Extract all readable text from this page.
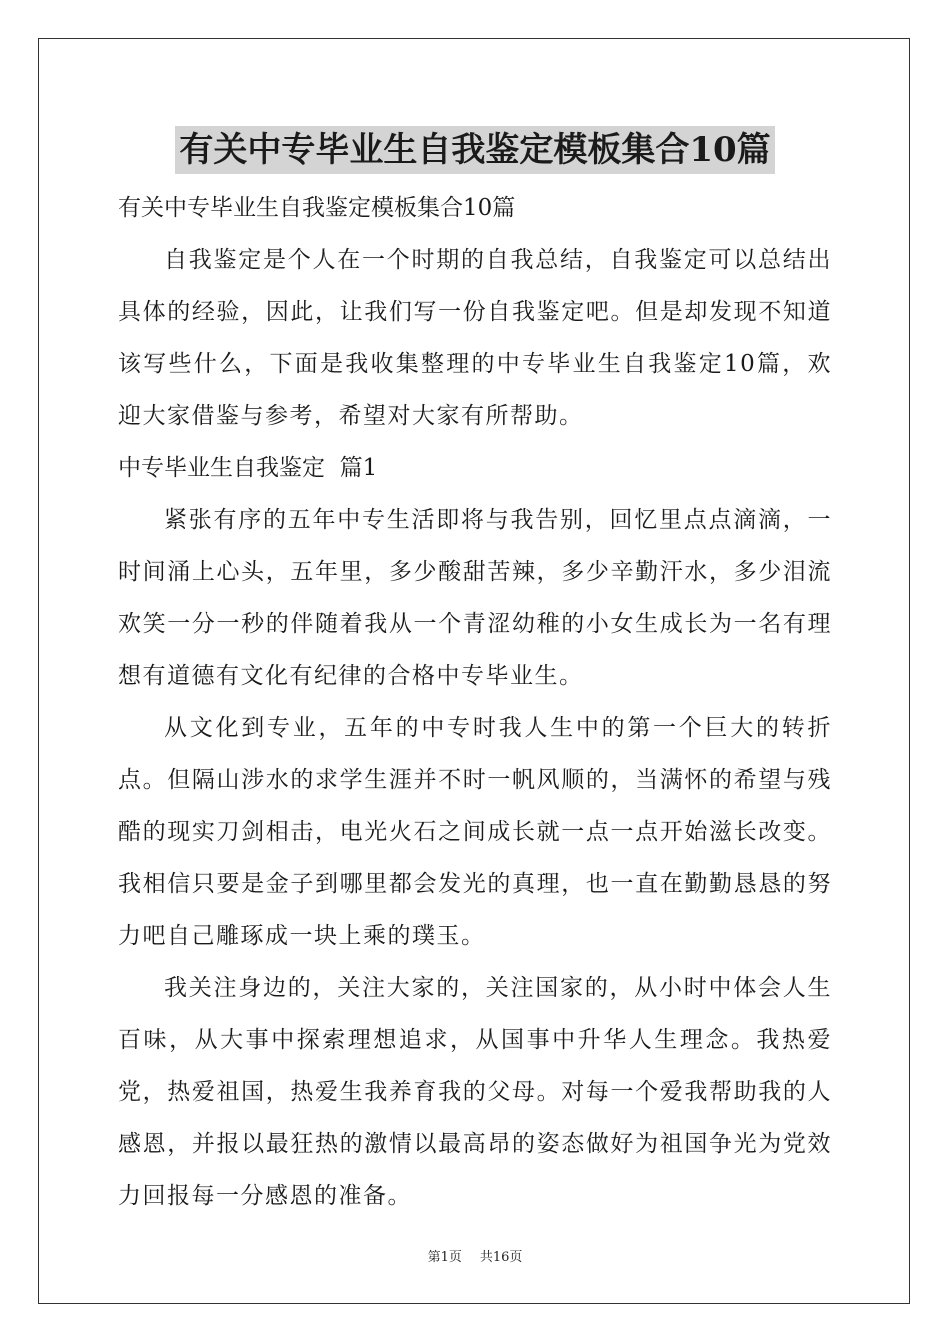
有关中专毕业生自我鉴定模板集合10篇

有关中专毕业生自我鉴定模板集合10篇

自我鉴定是个人在一个时期的自我总结，自我鉴定可以总结出具体的经验，因此，让我们写一份自我鉴定吧。但是却发现不知道该写些什么，下面是我收集整理的中专毕业生自我鉴定10篇，欢迎大家借鉴与参考，希望对大家有所帮助。

中专毕业生自我鉴定  篇1

紧张有序的五年中专生活即将与我告别，回忆里点点滴滴，一时间涌上心头，五年里，多少酸甜苦辣，多少辛勤汗水，多少泪流欢笑一分一秒的伴随着我从一个青涩幼稚的小女生成长为一名有理想有道德有文化有纪律的合格中专毕业生。

从文化到专业，五年的中专时我人生中的第一个巨大的转折点。但隔山涉水的求学生涯并不时一帆风顺的，当满怀的希望与残酷的现实刀剑相击，电光火石之间成长就一点一点开始滋长改变。我相信只要是金子到哪里都会发光的真理，也一直在勤勤恳恳的努力吧自己雕琢成一块上乘的璞玉。

我关注身边的，关注大家的，关注国家的，从小时中体会人生百味，从大事中探索理想追求，从国事中升华人生理念。我热爱党，热爱祖国，热爱生我养育我的父母。对每一个爱我帮助我的人感恩，并报以最狂热的激情以最高昂的姿态做好为祖国争光为党效力回报每一分感恩的准备。

第1页 共16页
